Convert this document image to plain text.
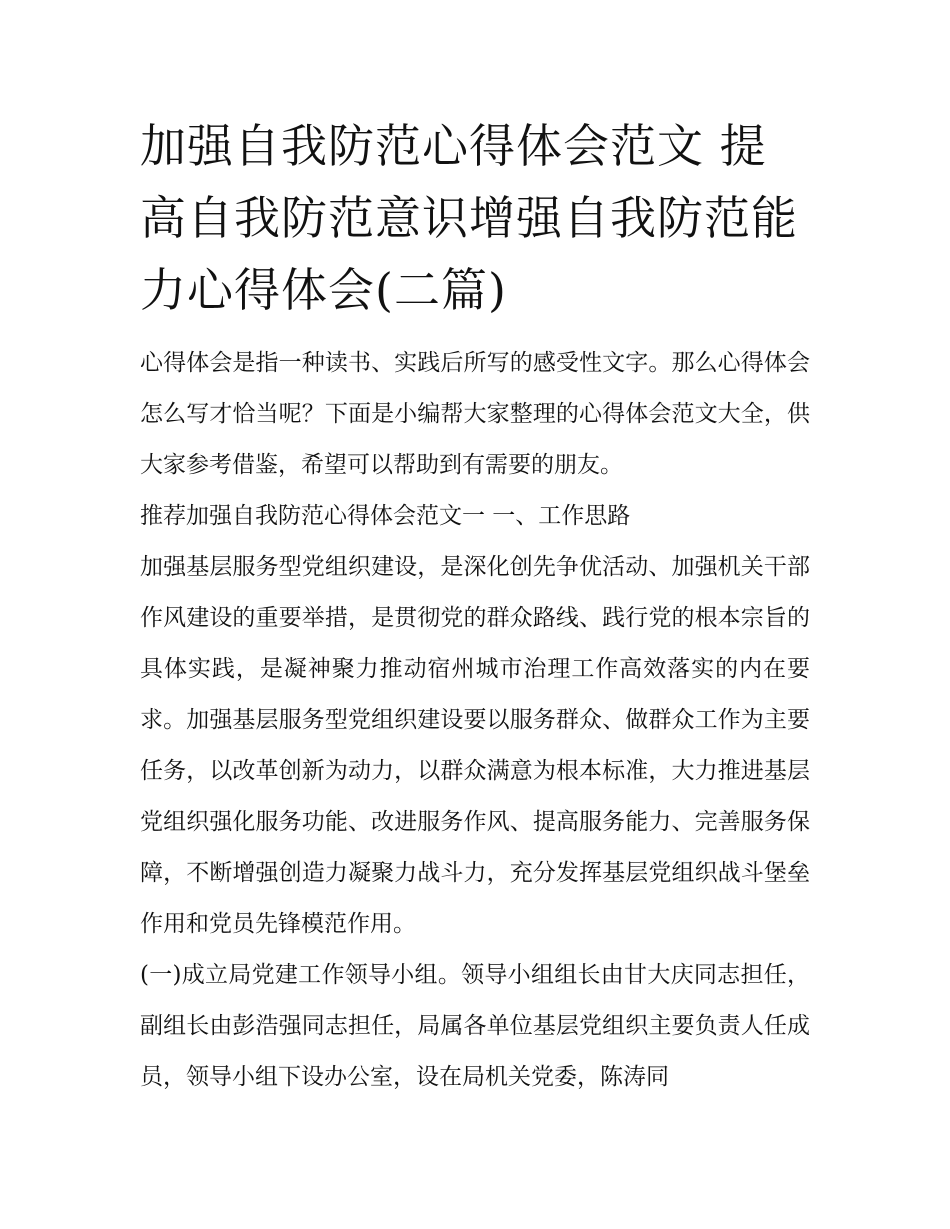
加强自我防范心得体会范文 提高自我防范意识增强自我防范能力心得体会(二篇)

心得体会是指一种读书、实践后所写的感受性文字。那么心得体会怎么写才恰当呢？下面是小编帮大家整理的心得体会范文大全，供大家参考借鉴，希望可以帮助到有需要的朋友。

推荐加强自我防范心得体会范文一 一、工作思路

加强基层服务型党组织建设，是深化创先争优活动、加强机关干部作风建设的重要举措，是贯彻党的群众路线、践行党的根本宗旨的具体实践，是凝神聚力推动宿州城市治理工作高效落实的内在要求。加强基层服务型党组织建设要以服务群众、做群众工作为主要任务，以改革创新为动力，以群众满意为根本标准，大力推进基层党组织强化服务功能、改进服务作风、提高服务能力、完善服务保障，不断增强创造力凝聚力战斗力，充分发挥基层党组织战斗堡垒作用和党员先锋模范作用。

(一)成立局党建工作领导小组。领导小组组长由甘大庆同志担任，副组长由彭浩强同志担任，局属各单位基层党组织主要负责人任成员，领导小组下设办公室，设在局机关党委，陈涛同
